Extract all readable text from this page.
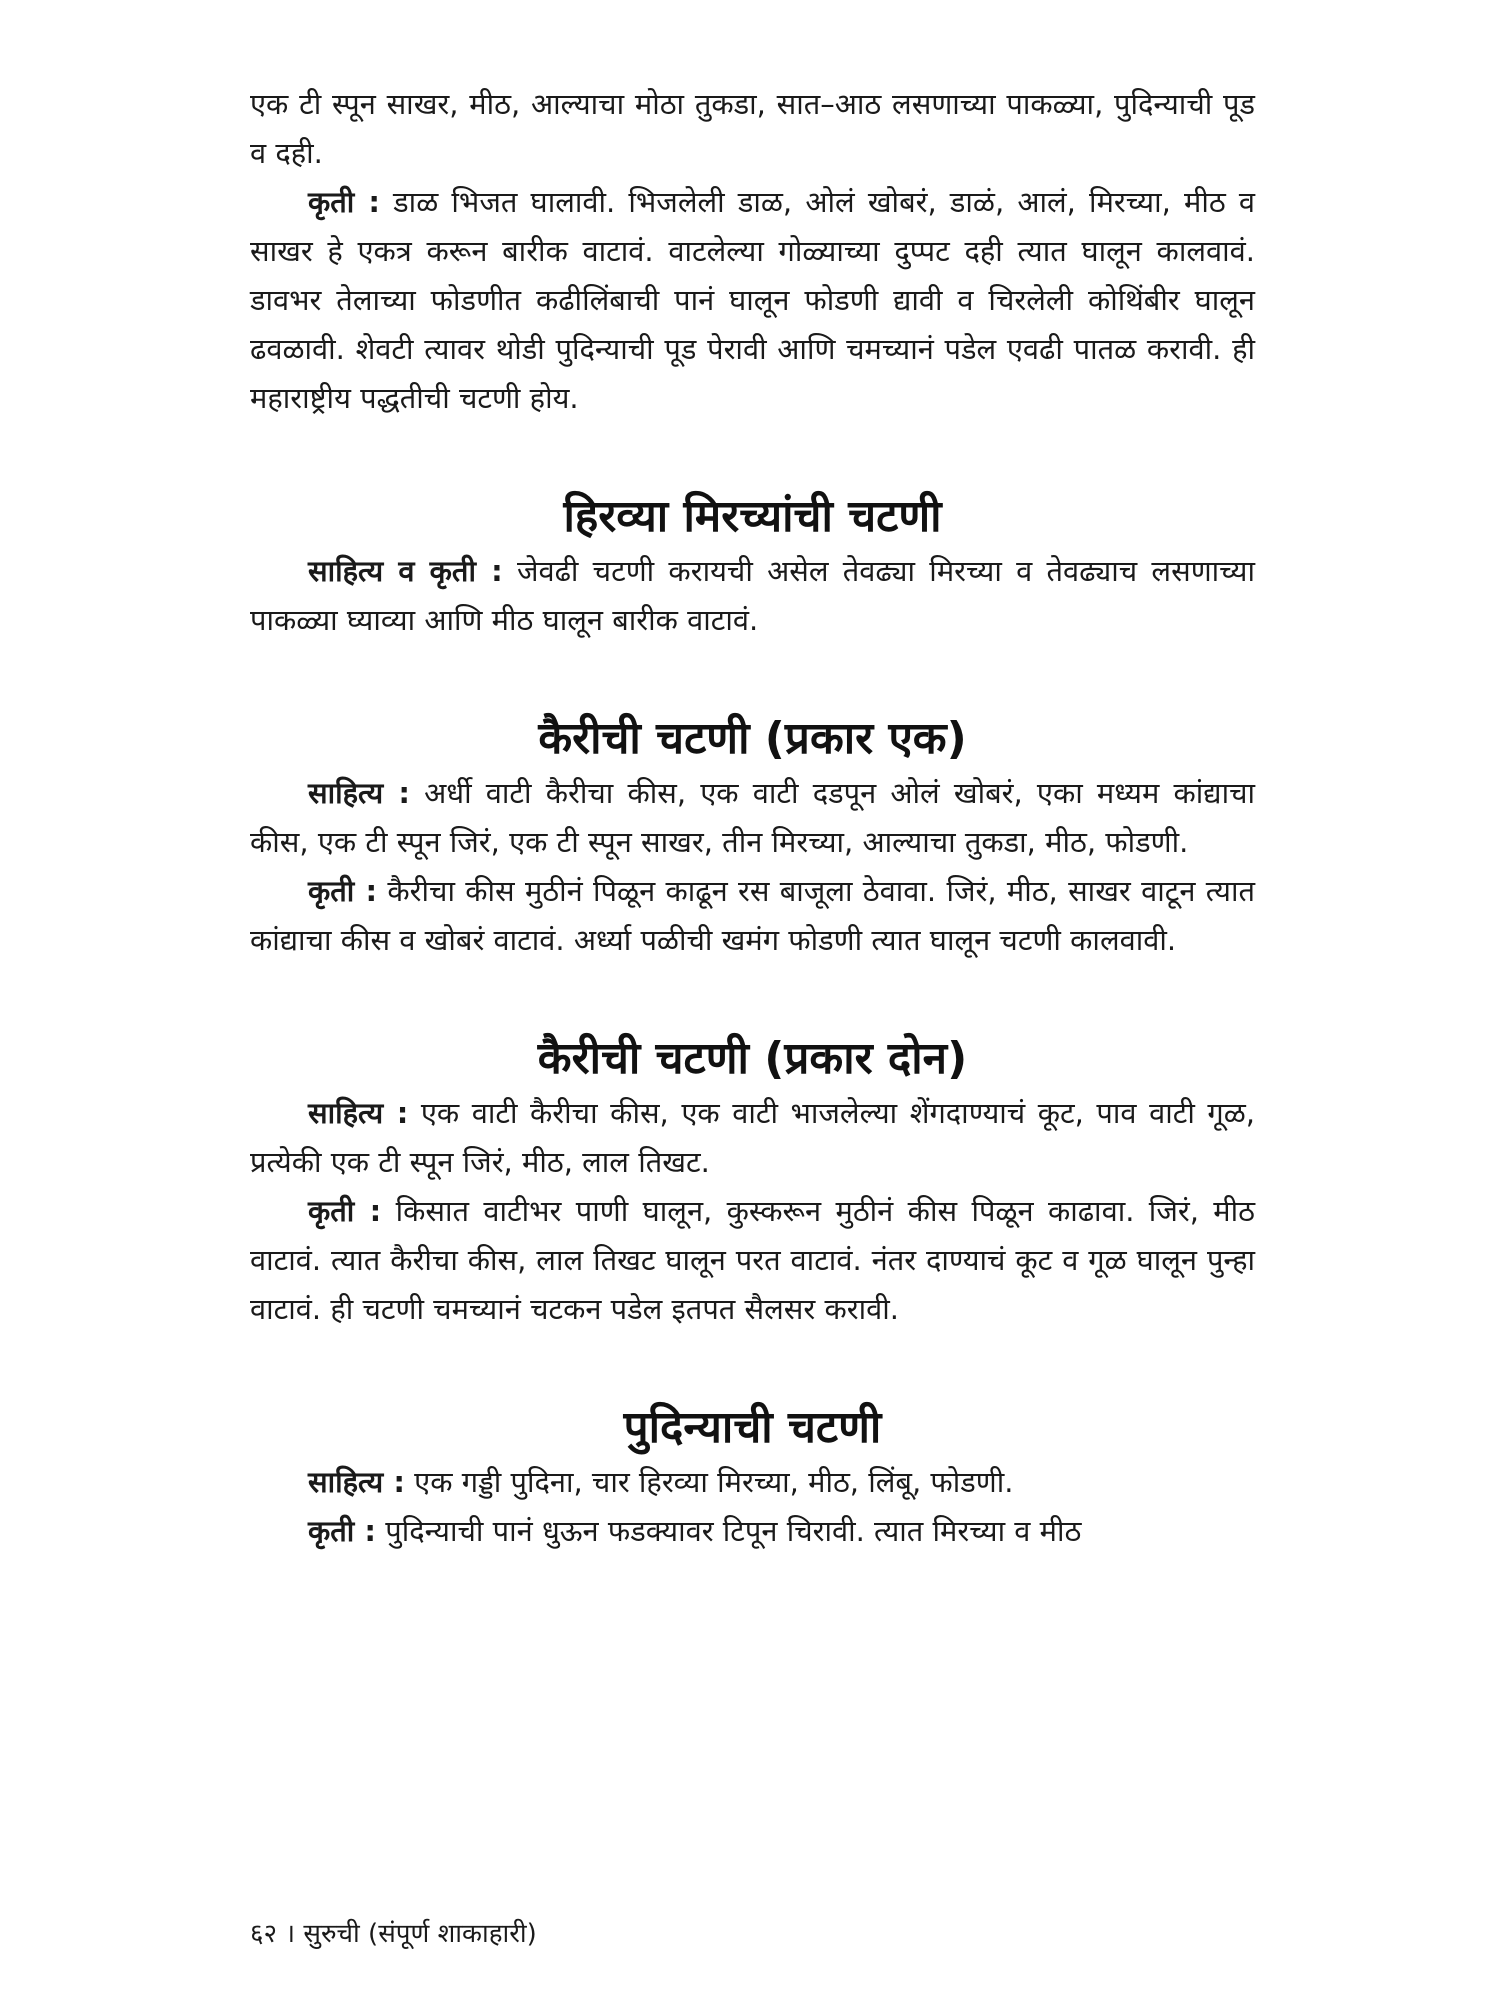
एक टी स्पून साखर, मीठ, आल्याचा मोठा तुकडा, सात–आठ लसणाच्या पाकळ्या, पुदिन्याची पूड व दही.

कृती : डाळ भिजत घालावी. भिजलेली डाळ, ओलं खोबरं, डाळं, आलं, मिरच्या, मीठ व साखर हे एकत्र करून बारीक वाटावं. वाटलेल्या गोळ्याच्या दुप्पट दही त्यात घालून कालवावं. डावभर तेलाच्या फोडणीत कढीलिंबाची पानं घालून फोडणी द्यावी व चिरलेली कोथिंबीर घालून ढवळावी. शेवटी त्यावर थोडी पुदिन्याची पूड पेरावी आणि चमच्यानं पडेल एवढी पातळ करावी. ही महाराष्ट्रीय पद्धतीची चटणी होय.

हिरव्या मिरच्यांची चटणी

साहित्य व कृती : जेवढी चटणी करायची असेल तेवढ्या मिरच्या व तेवढ्याच लसणाच्या पाकळ्या घ्याव्या आणि मीठ घालून बारीक वाटावं.

कैरीची चटणी (प्रकार एक)

साहित्य : अर्धी वाटी कैरीचा कीस, एक वाटी दडपून ओलं खोबरं, एका मध्यम कांद्याचा कीस, एक टी स्पून जिरं, एक टी स्पून साखर, तीन मिरच्या, आल्याचा तुकडा, मीठ, फोडणी.

कृती : कैरीचा कीस मुठीनं पिळून काढून रस बाजूला ठेवावा. जिरं, मीठ, साखर वाटून त्यात कांद्याचा कीस व खोबरं वाटावं. अर्ध्या पळीची खमंग फोडणी त्यात घालून चटणी कालवावी.

कैरीची चटणी (प्रकार दोन)

साहित्य : एक वाटी कैरीचा कीस, एक वाटी भाजलेल्या शेंगदाण्याचं कूट, पाव वाटी गूळ, प्रत्येकी एक टी स्पून जिरं, मीठ, लाल तिखट.

कृती : किसात वाटीभर पाणी घालून, कुस्करून मुठीनं कीस पिळून काढावा. जिरं, मीठ वाटावं. त्यात कैरीचा कीस, लाल तिखट घालून परत वाटावं. नंतर दाण्याचं कूट व गूळ घालून पुन्हा वाटावं. ही चटणी चमच्यानं चटकन पडेल इतपत सैलसर करावी.

पुदिन्याची चटणी

साहित्य : एक गड्डी पुदिना, चार हिरव्या मिरच्या, मीठ, लिंबू, फोडणी.

कृती : पुदिन्याची पानं धुऊन फडक्यावर टिपून चिरावी. त्यात मिरच्या व मीठ

६२ । सुरुची (संपूर्ण शाकाहारी)
